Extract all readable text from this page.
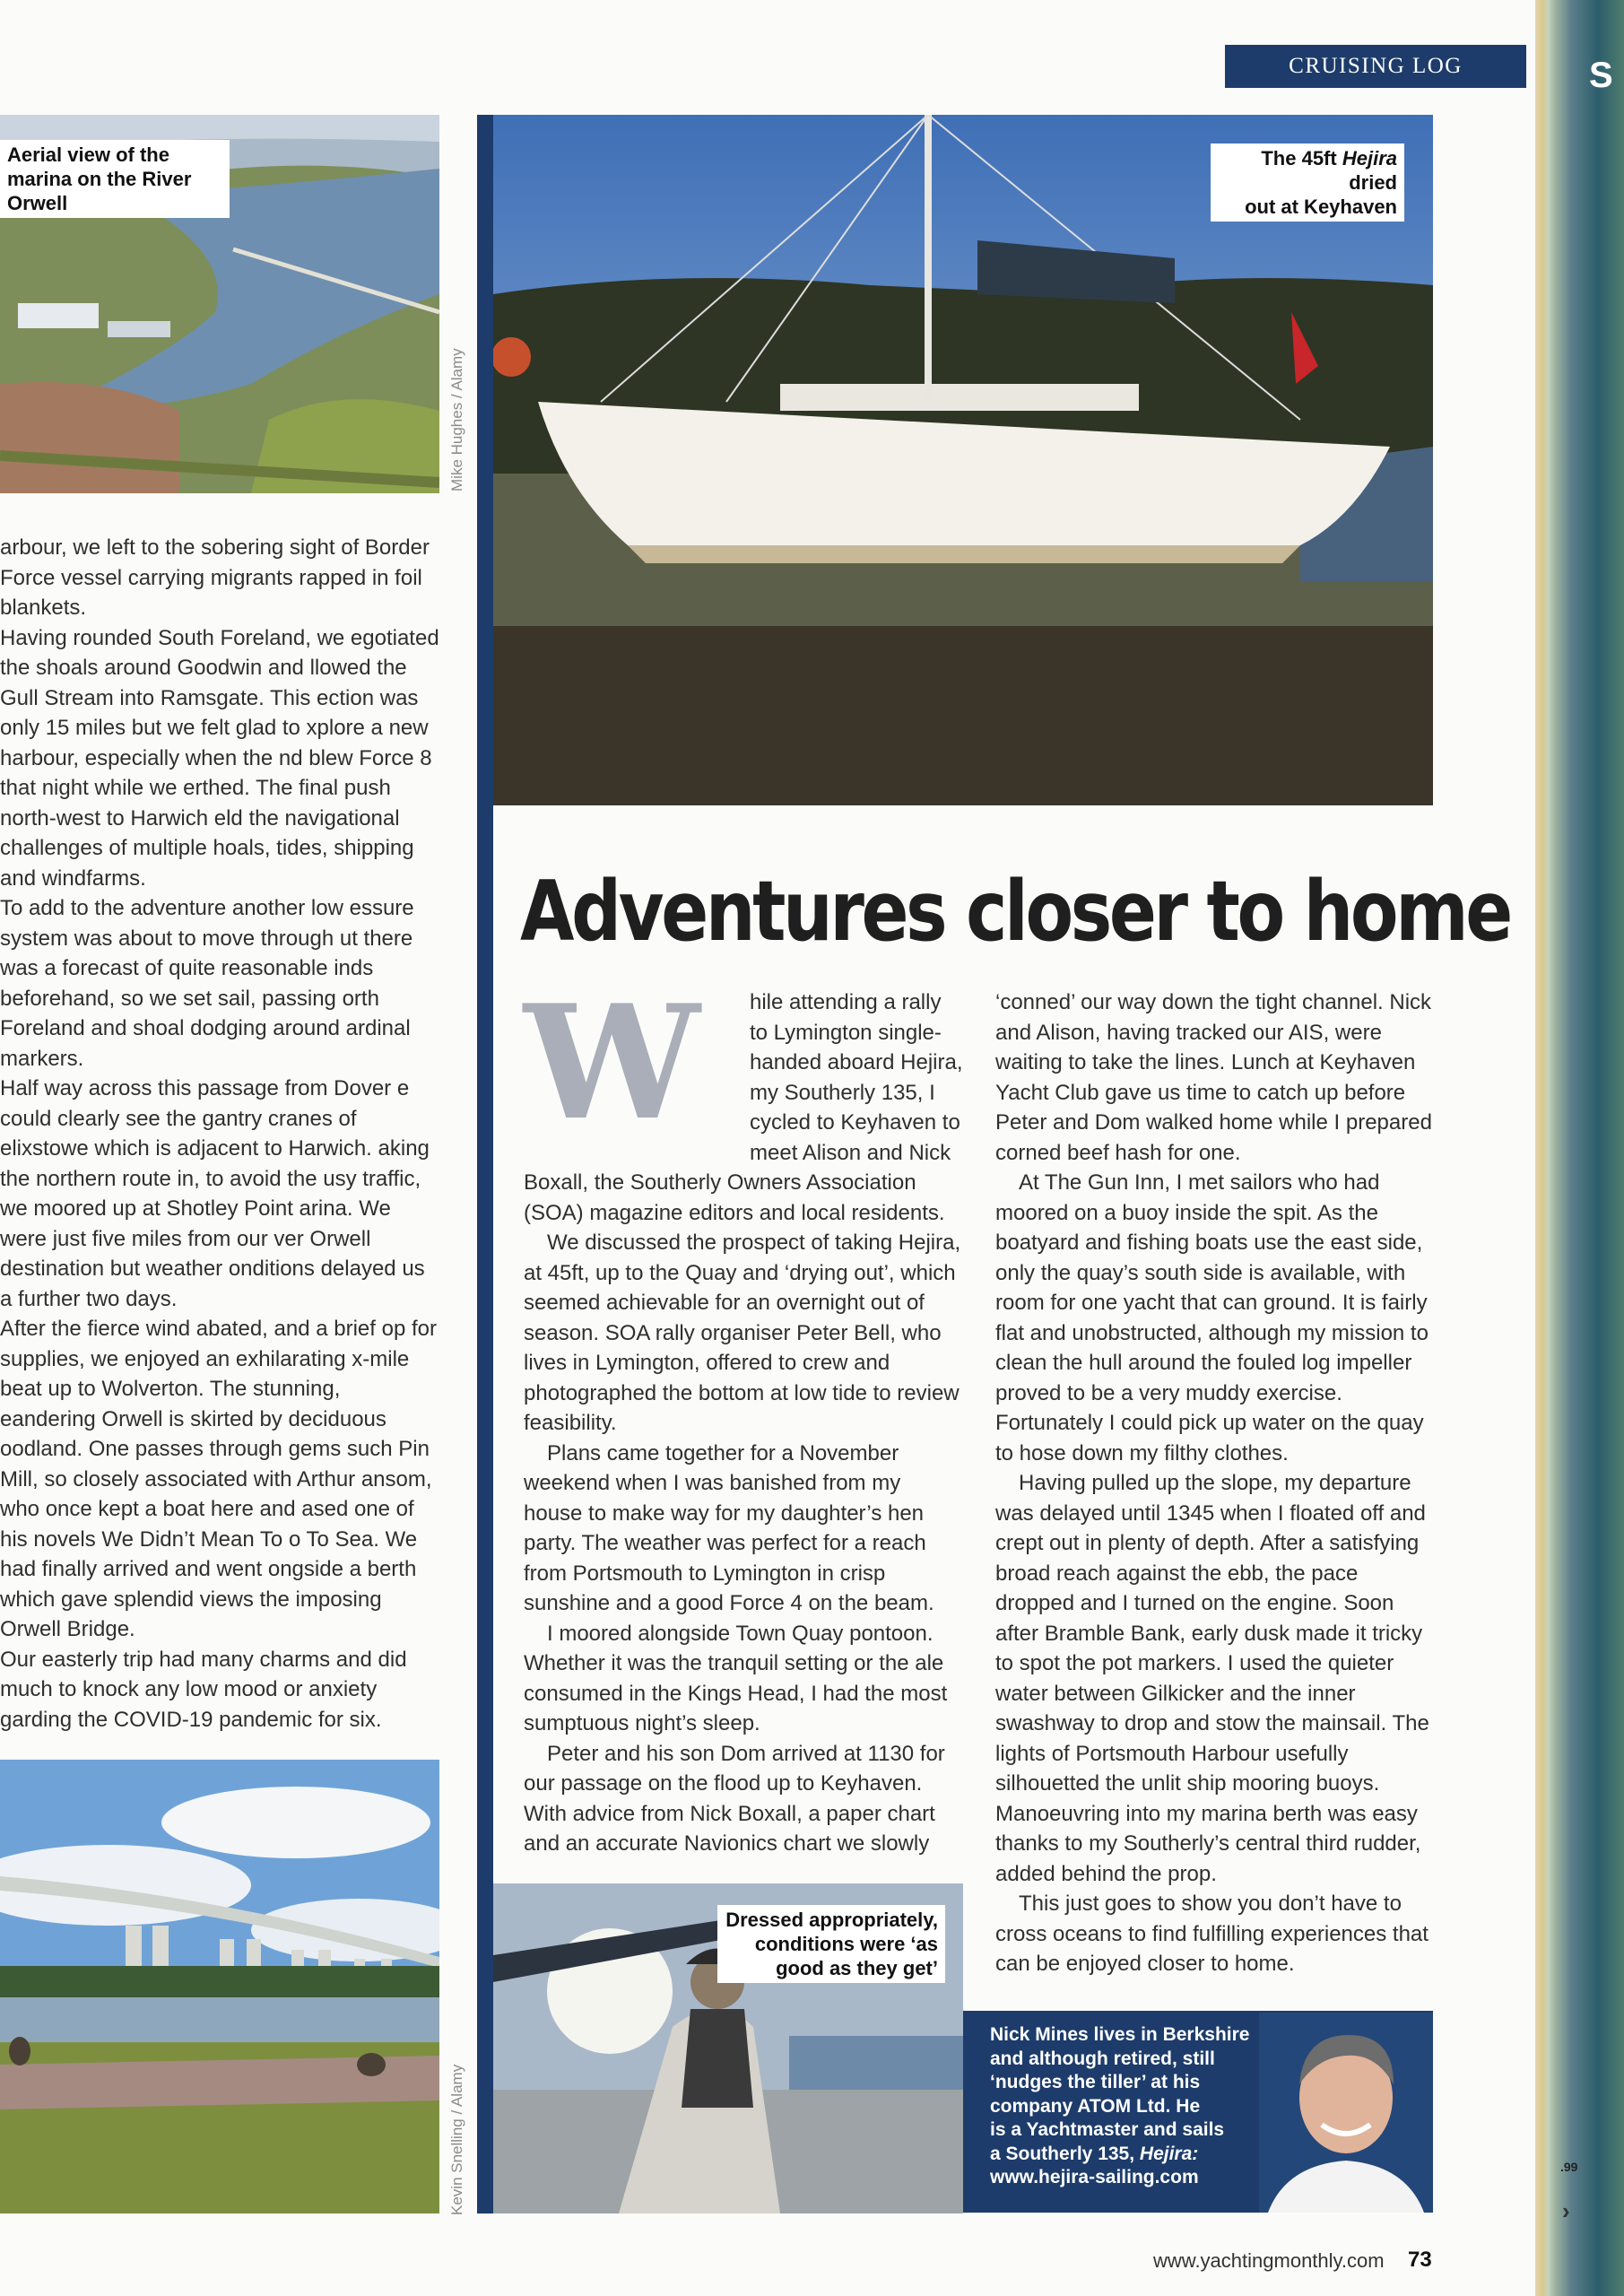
CRUISING LOG	S
.99
›
Aerial view of the marina on the River Orwell
Mike Hughes / Alamy
The 45ft Hejira dried
out at Keyhaven
Adventures closer to home

arbour, we left to the sobering sight of Border Force vessel carrying migrants rapped in foil blankets.

Having rounded South Foreland, we egotiated the shoals around Goodwin and llowed the Gull Stream into Ramsgate. This ection was only 15 miles but we felt glad to xplore a new harbour, especially when the nd blew Force 8 that night while we erthed. The final push north-west to Harwich eld the navigational challenges of multiple hoals, tides, shipping and windfarms.

To add to the adventure another low essure system was about to move through ut there was a forecast of quite reasonable inds beforehand, so we set sail, passing orth Foreland and shoal dodging around ardinal markers.

Half way across this passage from Dover e could clearly see the gantry cranes of elixstowe which is adjacent to Harwich. aking the northern route in, to avoid the usy traffic, we moored up at Shotley Point arina. We were just five miles from our ver Orwell destination but weather onditions delayed us a further two days.

After the fierce wind abated, and a brief op for supplies, we enjoyed an exhilarating x-mile beat up to Wolverton. The stunning, eandering Orwell is skirted by deciduous oodland. One passes through gems such Pin Mill, so closely associated with Arthur ansom, who once kept a boat here and ased one of his novels We Didn’t Mean To o To Sea. We had finally arrived and went ongside a berth which gave splendid views the imposing Orwell Bridge.

Our easterly trip had many charms and did much to knock any low mood or anxiety garding the COVID-19 pandemic for six.

Kevin Snelling / Alamy

W	hile attending a rally to Lymington single-handed aboard Hejira, my Southerly 135, I cycled to Keyhaven to meet Alison and Nick Boxall, the Southerly Owners Association (SOA) magazine editors and local residents.

We discussed the prospect of taking Hejira, at 45ft, up to the Quay and ‘drying out’, which seemed achievable for an overnight out of season. SOA rally organiser Peter Bell, who lives in Lymington, offered to crew and photographed the bottom at low tide to review feasibility.

Plans came together for a November weekend when I was banished from my house to make way for my daughter’s hen party. The weather was perfect for a reach from Portsmouth to Lymington in crisp sunshine and a good Force 4 on the beam.

I moored alongside Town Quay pontoon. Whether it was the tranquil setting or the ale consumed in the Kings Head, I had the most sumptuous night’s sleep.

Peter and his son Dom arrived at 1130 for our passage on the flood up to Keyhaven. With advice from Nick Boxall, a paper chart and an accurate Navionics chart we slowly

Dressed appropriately, conditions were ‘as good as they get’

‘conned’ our way down the tight channel. Nick and Alison, having tracked our AIS, were waiting to take the lines. Lunch at Keyhaven Yacht Club gave us time to catch up before Peter and Dom walked home while I prepared corned beef hash for one.

At The Gun Inn, I met sailors who had moored on a buoy inside the spit. As the boatyard and fishing boats use the east side, only the quay’s south side is available, with room for one yacht that can ground. It is fairly flat and unobstructed, although my mission to clean the hull around the fouled log impeller proved to be a very muddy exercise. Fortunately I could pick up water on the quay to hose down my filthy clothes.

Having pulled up the slope, my departure was delayed until 1345 when I floated off and crept out in plenty of depth. After a satisfying broad reach against the ebb, the pace dropped and I turned on the engine. Soon after Bramble Bank, early dusk made it tricky to spot the pot markers. I used the quieter water between Gilkicker and the inner swashway to drop and stow the mainsail. The lights of Portsmouth Harbour usefully silhouetted the unlit ship mooring buoys. Manoeuvring into my marina berth was easy thanks to my Southerly’s central third rudder, added behind the prop.

This just goes to show you don’t have to cross oceans to find fulfilling experiences that can be enjoyed closer to home.

Nick Mines lives in Berkshire
and although retired, still
‘nudges the tiller’ at his
company ATOM Ltd. He
is a Yachtmaster and sails
a Southerly 135, Hejira:
www.hejira-sailing.com
www.yachtingmonthly.com 73
